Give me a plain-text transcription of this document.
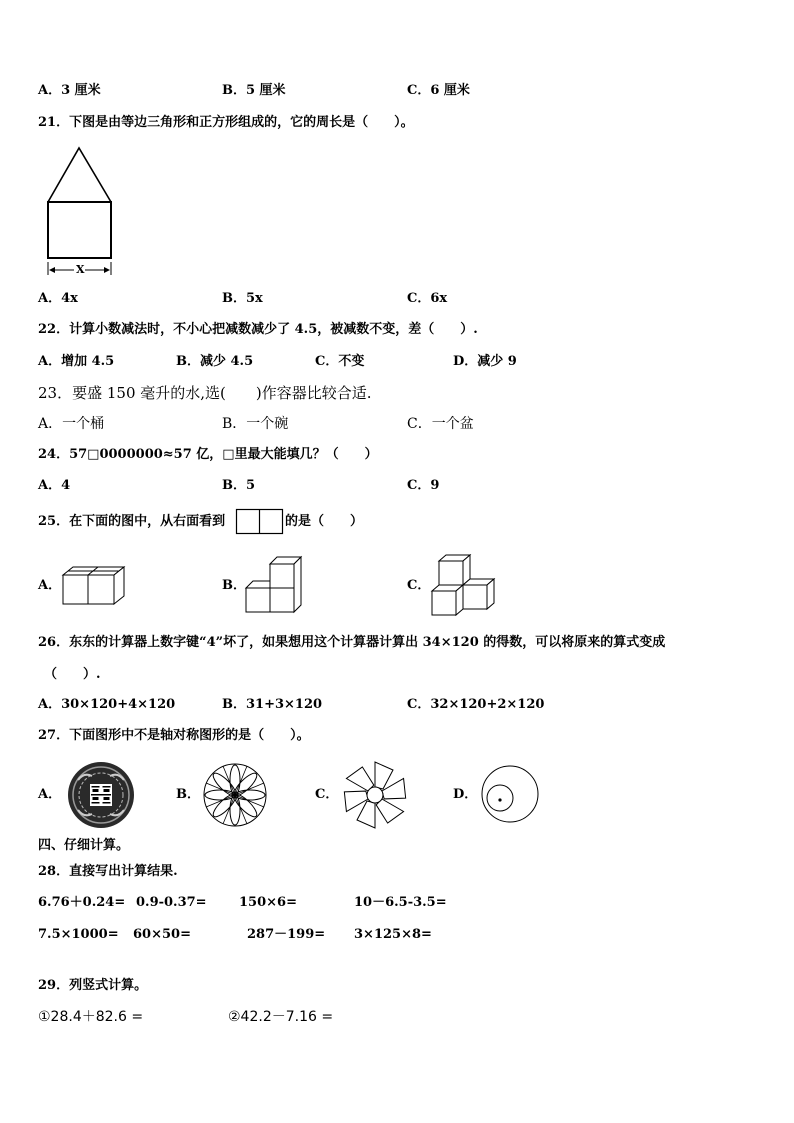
A．3 厘米	B．5 厘米	C．6 厘米
21．下图是由等边三角形和正方形组成的，它的周长是（　　）。
X
A．4x	B．5x	C．6x
22．计算小数减法时，不小心把减数减少了 4.5，被减数不变，差（　　）.
A．增加 4.5	B．减少 4.5	C．不变	D．减少 9
23．要盛 150 毫升的水,选(　　)作容器比较合适.
A．一个桶	B．一个碗	C．一个盆
24．57□0000000≈57 亿，□里最大能填几？（　　）
A．4	B．5	C．9
25．在下面的图中，从右面看到	的是（　　）
A．	B．	C．
26．东东的计算器上数字键“4”坏了，如果想用这个计算器计算出 34×120 的得数，可以将原来的算式变成
（　　）.
A．30×120+4×120	B．31+3×120	C．32×120+2×120
27．下面图形中不是轴对称图形的是（　　）。
A．	B．	C．	D．
四、仔细计算。
28．直接写出计算结果.
6.76＋0.24= 0.9-0.37= 150×6=	10－6.5-3.5=
7.5×1000= 60×50=	287－199= 3×125×8=
29．列竖式计算。
①28.4＋82.6 =	②42.2－7.16 =
